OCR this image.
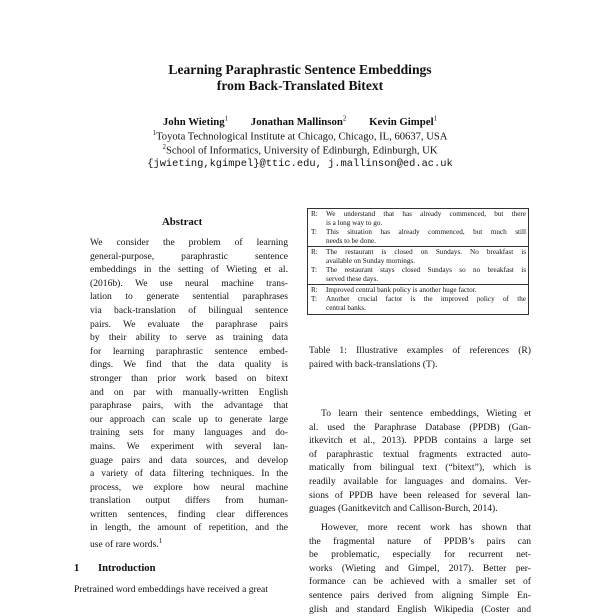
Learning Paraphrastic Sentence Embeddings
from Back-Translated Bitext
John Wieting$^1$ Jonathan Mallinson$^2$ Kevin Gimpel$^1$
$^1$Toyota Technological Institute at Chicago, Chicago, IL, 60637, USA
$^2$School of Informatics, University of Edinburgh, Edinburgh, UK
{jwieting,kgimpel}@ttic.edu, j.mallinson@ed.ac.uk
Abstract
We consider the problem of learning
general-purpose, paraphrastic sentence
embeddings in the setting of Wieting et al.
(2016b). We use neural machine trans-
lation to generate sentential paraphrases
via back-translation of bilingual sentence
pairs. We evaluate the paraphrase pairs
by their ability to serve as training data
for learning paraphrastic sentence embed-
dings. We find that the data quality is
stronger than prior work based on bitext
and on par with manually-written English
paraphrase pairs, with the advantage that
our approach can scale up to generate large
training sets for many languages and do-
mains. We experiment with several lan-
guage pairs and data sources, and develop
a variety of data filtering techniques. In the
process, we explore how neural machine
translation output differs from human-
written sentences, finding clear differences
in length, the amount of repetition, and the
use of rare words.$^1$
1 Introduction

Pretrained word embeddings have received a great

R:	We understand that has already commenced, but there
is a long way to go.

T:	This situation has already commenced, but much still
needs to be done.

R:	The restaurant is closed on Sundays. No breakfast is
available on Sunday mornings.

T:	The restaurant stays closed Sundays so no breakfast is
served these days.

R:	Improved central bank policy is another huge factor.

T:	Another crucial factor is the improved policy of the
central banks.
Table 1: Illustrative examples of references (R)
paired with back-translations (T).
To learn their sentence embeddings, Wieting et
al. used the Paraphrase Database (PPDB) (Gan-
itkevitch et al., 2013). PPDB contains a large set
of paraphrastic textual fragments extracted auto-
matically from bilingual text (“bitext”), which is
readily available for languages and domains. Ver-
sions of PPDB have been released for several lan-
guages (Ganitkevitch and Callison-Burch, 2014).
However, more recent work has shown that
the fragmental nature of PPDB’s pairs can
be problematic, especially for recurrent net-
works (Wieting and Gimpel, 2017). Better per-
formance can be achieved with a smaller set of
sentence pairs derived from aligning Simple En-
glish and standard English Wikipedia (Coster and
